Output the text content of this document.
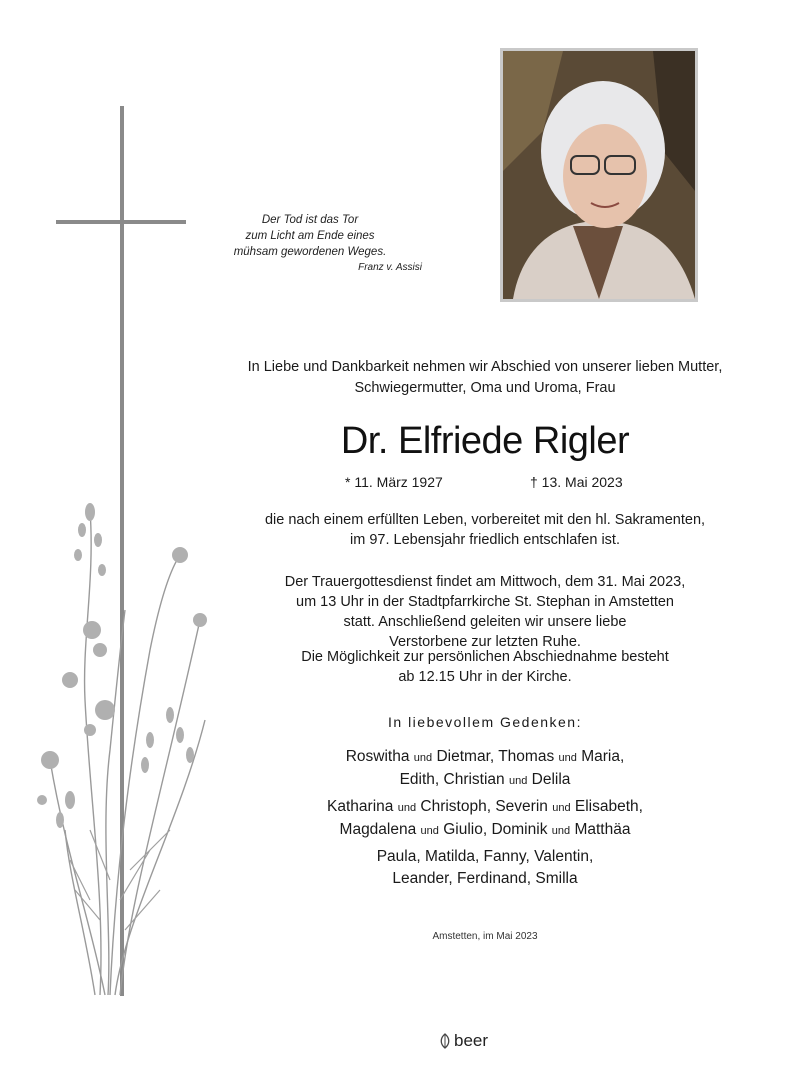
Der Tod ist das Tor
zum Licht am Ende eines
mühsam gewordenen Weges.
Franz v. Assisi
In Liebe und Dankbarkeit nehmen wir Abschied von unserer lieben Mutter,
Schwiegermutter, Oma und Uroma, Frau
Dr. Elfriede Rigler
* 11. März 1927	† 13. Mai 2023
die nach einem erfüllten Leben, vorbereitet mit den hl. Sakramenten,
im 97. Lebensjahr friedlich entschlafen ist.
Der Trauergottesdienst findet am Mittwoch, dem 31. Mai 2023,
um 13 Uhr in der Stadtpfarrkirche St. Stephan in Amstetten
statt. Anschließend geleiten wir unsere liebe
Verstorbene zur letzten Ruhe.
Die Möglichkeit zur persönlichen Abschiednahme besteht
ab 12.15 Uhr in der Kirche.
In liebevollem Gedenken:
Roswitha und Dietmar, Thomas und Maria,
Edith, Christian und Delila
Katharina und Christoph, Severin und Elisabeth,
Magdalena und Giulio, Dominik und Matthäa
Paula, Matilda, Fanny, Valentin,
Leander, Ferdinand, Smilla
Amstetten, im Mai 2023
beer
